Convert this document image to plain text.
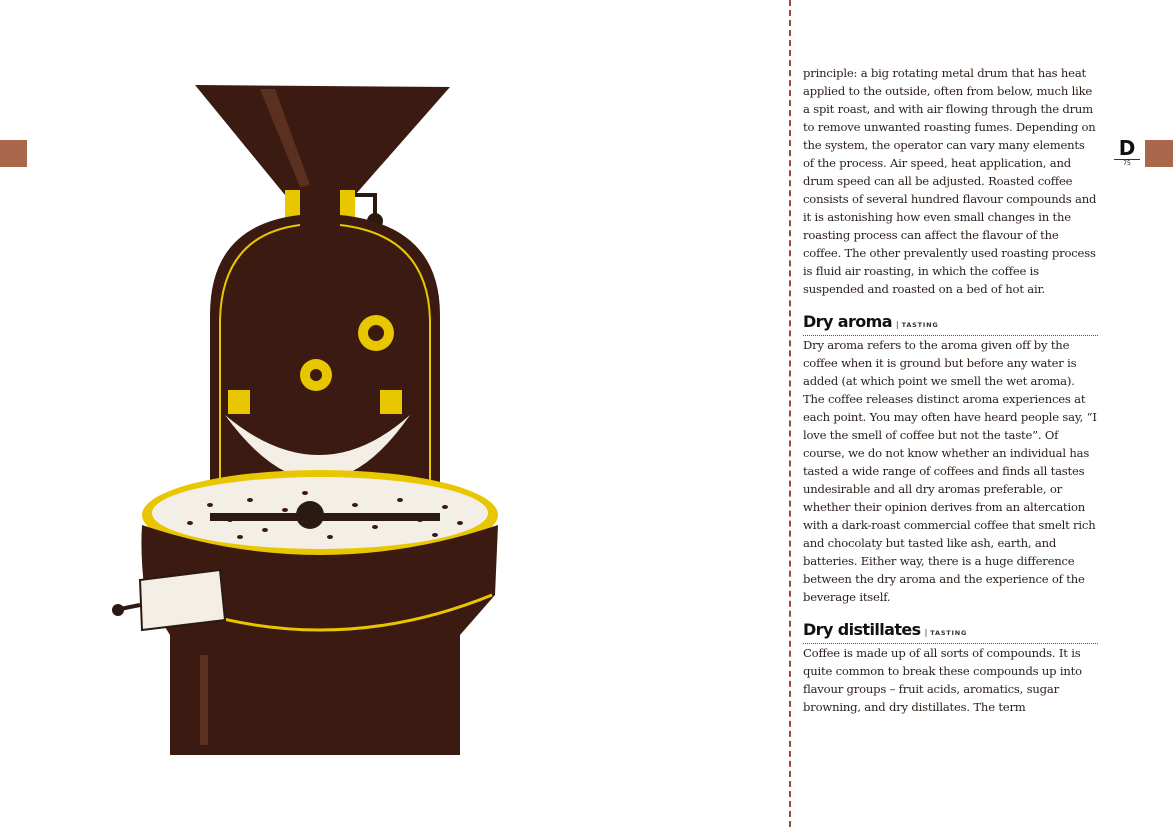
D
75

principle: a big rotating metal drum that has heat applied to the outside, often from below, much like a spit roast, and with air flowing through the drum to remove unwanted roasting fumes. Depending on the system, the operator can vary many elements of the process. Air speed, heat application, and drum speed can all be adjusted. Roasted coffee consists of several hundred flavour compounds and it is astonishing how even small changes in the roasting process can affect the flavour of the coffee. The other prevalently used roasting process is fluid air roasting, in which the coffee is suspended and roasted on a bed of hot air.

Dry aroma | TASTING

Dry aroma refers to the aroma given off by the coffee when it is ground but before any water is added (at which point we smell the wet aroma). The coffee releases distinct aroma experiences at each point. You may often have heard people say, “I love the smell of coffee but not the taste”. Of course, we do not know whether an individual has tasted a wide range of coffees and finds all tastes undesirable and all dry aromas preferable, or whether their opinion derives from an altercation with a dark-roast commercial coffee that smelt rich and chocolaty but tasted like ash, earth, and batteries. Either way, there is a huge difference between the dry aroma and the experience of the beverage itself.

Dry distillates | TASTING

Coffee is made up of all sorts of compounds. It is quite common to break these compounds up into flavour groups – fruit acids, aromatics, sugar browning, and dry distillates. The term
